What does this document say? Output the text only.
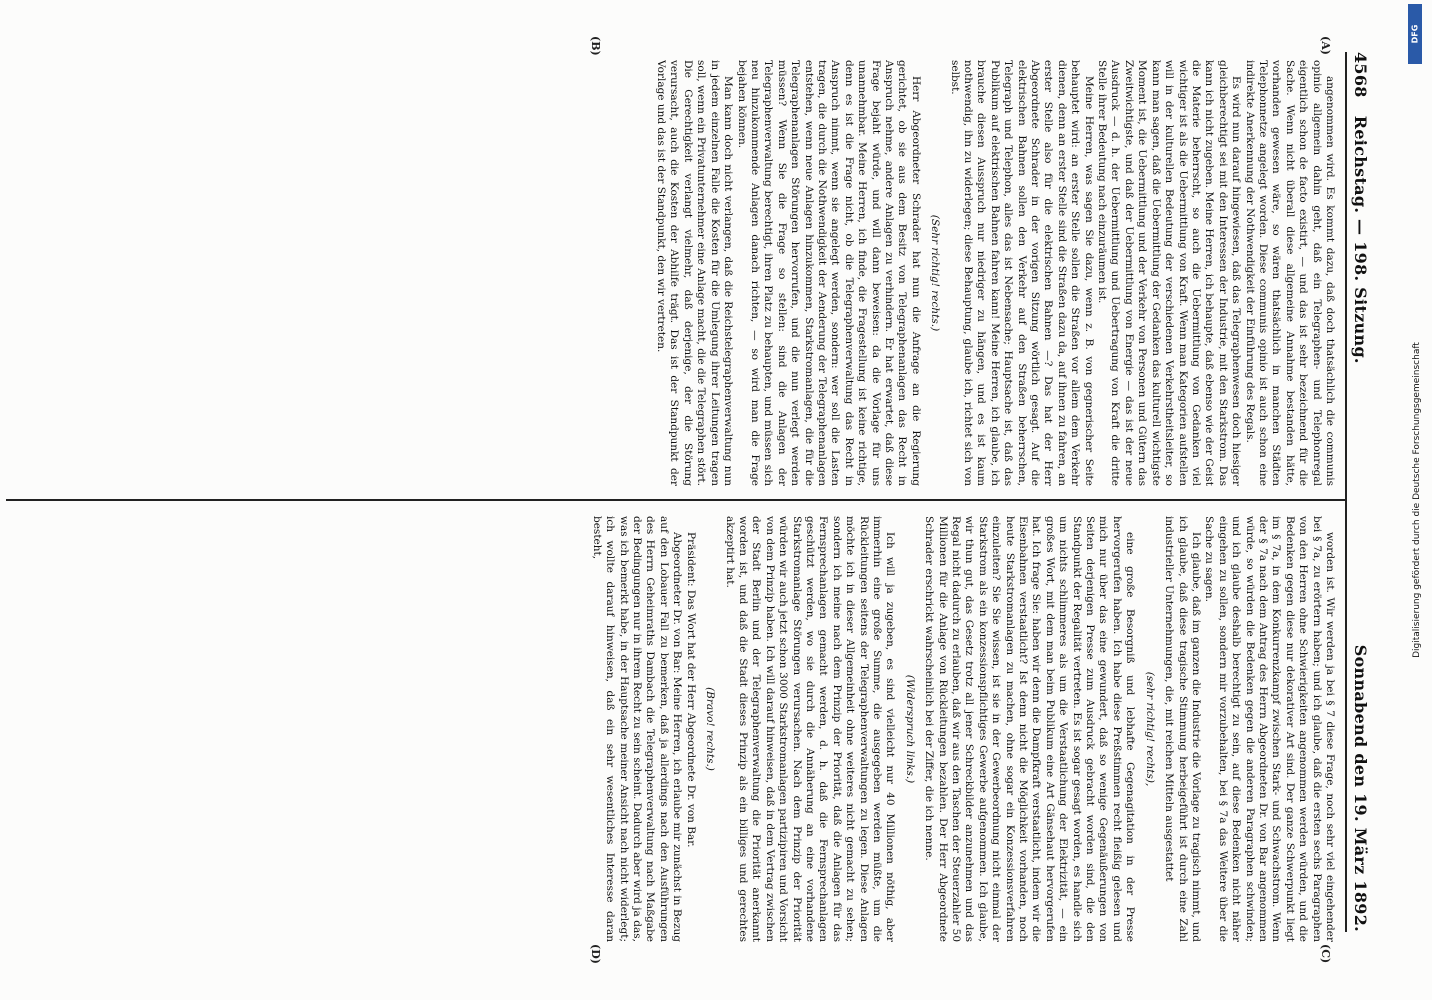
4568
Reichstag. — 198. Sitzung.
Sonnabend den 19. März 1892.
(A)
(B)
(C)
(D)

angenommen wird. Es kommt dazu, daß doch thatsächlich die communis opinio allgemein dahin geht, daß ein Telegraphen- und Telephonregal eigentlich schon de facto existirt, — und das ist sehr bezeichnend für die Sache. Wenn nicht überall diese allgemeine Annahme bestanden hätte, vorhanden gewesen wäre, so wären thatsächlich in manchen Städten Telephonnetze angelegt worden. Diese communis opinio ist auch schon eine indirekte Anerkennung der Nothwendigkeit der Einführung des Regals.

Es wird nun darauf hingewiesen, daß das Telegraphenwesen doch hiesiger gleichberechtigt sei mit den Interessen der Industrie, mit den Starkstrom. Das kann ich nicht zugeben. Meine Herren, ich behaupte, daß ebenso wie der Geist die Materie beherrscht, so auch die Uebermittlung von Gedanken viel wichtiger ist als die Uebermittlung von Kraft. Wenn man Kategorien aufstellen will in der kulturellen Bedeutung der verschiedenen Verkehrstheitsleiter, so kann man sagen, daß die Uebermittlung der Gedanken das kulturell wichtigste Moment ist, die Uebermittlung und der Verkehr von Personen und Gütern das Zweitwichtigste, und daß der Uebermittlung von Energie — das ist der neue Ausdruck — d. h. der Uebermittlung und Uebertragung von Kraft die dritte Stelle ihrer Bedeutung nach einzuräumen ist.

Meine Herren, was sagen Sie dazu, wenn z. B. von gegnerischer Seite behauptet wird: an erster Stelle sollen die Straßen vor allem dem Verkehr dienen, denn an erster Stelle sind die Straßen dazu da, auf ihnen zu fahren, an erster Stelle also für die elektrischen Bahnen —? Das hat der Herr Abgeordnete Schrader in der vorigen Sitzung wörtlich gesagt. Auf die elektrischen Bahnen sollen den Verkehr auf den Straßen beherrschen, Telegraph und Telephon, alles das ist Nebensache; Hauptsache ist, daß das Publikum auf elektrischen Bahnen fahren kann! Meine Herren, ich glaube, ich brauche diesen Ausspruch nur niedriger zu hängen, und es ist kaum nothwendig, ihn zu widerlegen; diese Behauptung, glaube ich, richtet sich von selbst.

(Sehr richtig! rechts.)

Herr Abgeordneter Schrader hat nun die Anfrage an die Regierung gerichtet, ob sie aus dem Besitz von Telegraphenanlagen das Recht in Anspruch nehme, andere Anlagen zu verhindern. Er hat erwartet, daß diese Frage bejaht würde, und will dann beweisen: da die Vorlage für uns unannehmbar. Meine Herren, ich finde, die Fragestellung ist keine richtige, denn es ist die Frage nicht, ob die Telegraphenverwaltung das Recht in Anspruch nimmt, wenn sie angelegt werden, sondern: wer soll die Lasten tragen, die durch die Nothwendigkeit der Aenderung der Telegraphenanlagen entstehen, wenn neue Anlagen hinzukommen, Starkstromanlagen, die für die Telegraphenanlagen Störungen hervorrufen, und die nun verlegt werden müssen? Wenn Sie die Frage so stellen: sind die Anlagen der Telegraphenverwaltung berechtigt, ihren Platz zu behaupten, und müssen sich neu hinzukommende Anlagen danach richten, — so wird man die Frage bejahen können.

Man kann doch nicht verlangen, daß die Reichstelegraphenverwaltung nun in jedem einzelnen Falle die Kosten für die Umlegung ihrer Leitungen tragen soll, wenn ein Privatunternehmer eine Anlage macht, die die Telegraphen stört. Die Gerechtigkeit verlangt vielmehr, daß derjenige, der die Störung verursacht, auch die Kosten der Abhilfe trägt. Das ist der Standpunkt der Vorlage und das ist der Standpunkt, den wir vertreten.

worden ist. Wir werden ja bei § 7 diese Frage, noch sehr viel eingehender bei § 7a, zu erörtern haben; und ich glaube, daß die ersten sechs Paragraphen von den Herren ohne Schwierigkeiten angenommen werden würden, und die Bedenken gegen diese nur dekorativer Art sind. Der ganze Schwerpunkt liegt im § 7a, in dem Konkurrenzkampf zwischen Stark- und Schwachstrom. Wenn der § 7a nach dem Antrag des Herrn Abgeordneten Dr. von Bar angenommen würde, so würden die Bedenken gegen die anderen Paragraphen schwinden; und ich glaube deshalb berechtigt zu sein, auf diese Bedenken nicht näher eingehen zu sollen, sondern mir vorzubehalten, bei § 7a das Weitere über die Sache zu sagen.

Ich glaube, daß im ganzen die Industrie die Vorlage zu tragisch nimmt, und ich glaube, daß diese tragische Stimmung herbeigeführt ist durch eine Zahl industrieller Unternehmungen, die, mit reichen Mitteln ausgestattet

(sehr richtig! rechts),

eine große Besorgniß und lebhafte Gegenagitation in der Presse hervorgerufen haben. Ich habe diese Preßstimmen recht fleißig gelesen und mich nur über das eine gewundert, daß so wenige Gegenäußerungen von Seiten derjenigen Presse zum Ausdruck gebracht worden sind, die den Standpunkt der Regalität vertreten. Es ist sogar gesagt worden, es handle sich um nichts schlimmeres als um die Verstaatlichung der Elektrizität, — ein großes Wort, mit dem man beim Publikum eine Art Gänsehaut hervorgerufen hat. Ich frage Sie: haben wir denn die Dampfkraft verstaatlicht, indem wir die Eisenbahnen verstaatlicht? Ist denn nicht die Möglichkeit vorhanden, noch heute Starkstromanlagen zu machen, ohne sogar ein Konzessionsverfahren einzuleiten? Sie Sie wissen, ist sie in der Gewerbeordnung nicht einmal der Starkstrom als ein konzessionspflichtiges Gewerbe aufgenommen. Ich glaube, wir thun gut, das Gesetz trotz all jener Schreckbilder anzunehmen und das Regal nicht dadurch zu erlauben, daß wir aus den Taschen der Steuerzahler 50 Millionen für die Anlage von Rückleitungen bezahlen. Der Herr Abgeordnete Schrader erschrickt wahrscheinlich bei der Ziffer, die ich nenne.

(Widerspruch links.)

Ich will ja zugeben, es sind vielleicht nur 40 Millionen nöthig, aber immerhin eine große Summe, die ausgegeben werden müßte, um die Rückleitungen seitens der Telegraphenverwaltungen zu legen. Diese Anlagen möchte ich in dieser Allgemeinheit ohne weiteres nicht gemacht zu sehen; sondern ich meine nach dem Prinzip der Priorität, daß die Anlagen für das Fernsprechanlagen gemacht werden, d. h. daß die Fernsprechanlagen geschützt werden, wo sie durch die Annäherung an eine vorhandene Starkstromanlage Störungen verursachen. Nach dem Prinzip der Priorität würden wir auch jetzt schon 3000 Starkstromanlagen partizipiren und Vorsicht von dem Prinzip haben. Ich will darauf hinweisen, daß in dem Vertrag zwischen der Stadt Berlin und der Telegraphenverwaltung die Priorität anerkannt worden ist, und daß die Stadt dieses Prinzip als ein billiges und gerechtes akzeptirt hat.

(Bravo! rechts.)

Präsident: Das Wort hat der Herr Abgeordnete Dr. von Bar.

Abgeordneter Dr. von Bar: Meine Herren, ich erlaube mir zunächst in Bezug auf den Lobauer Fall zu bemerken, daß ja allerdings nach den Ausführungen des Herrn Geheimraths Dambach die Telegraphenverwaltung nach Maßgabe der Bedingungen nur in ihrem Recht zu sein scheint. Dadurch aber wird ja das, was ich bemerkt habe, in der Hauptsache meiner Ansicht nach nicht widerlegt; ich wollte darauf hinweisen, daß ein sehr wesentliches Interesse daran besteht,

DFG
Digitalisierung gefördert durch die Deutsche Forschungsgemeinschaft
